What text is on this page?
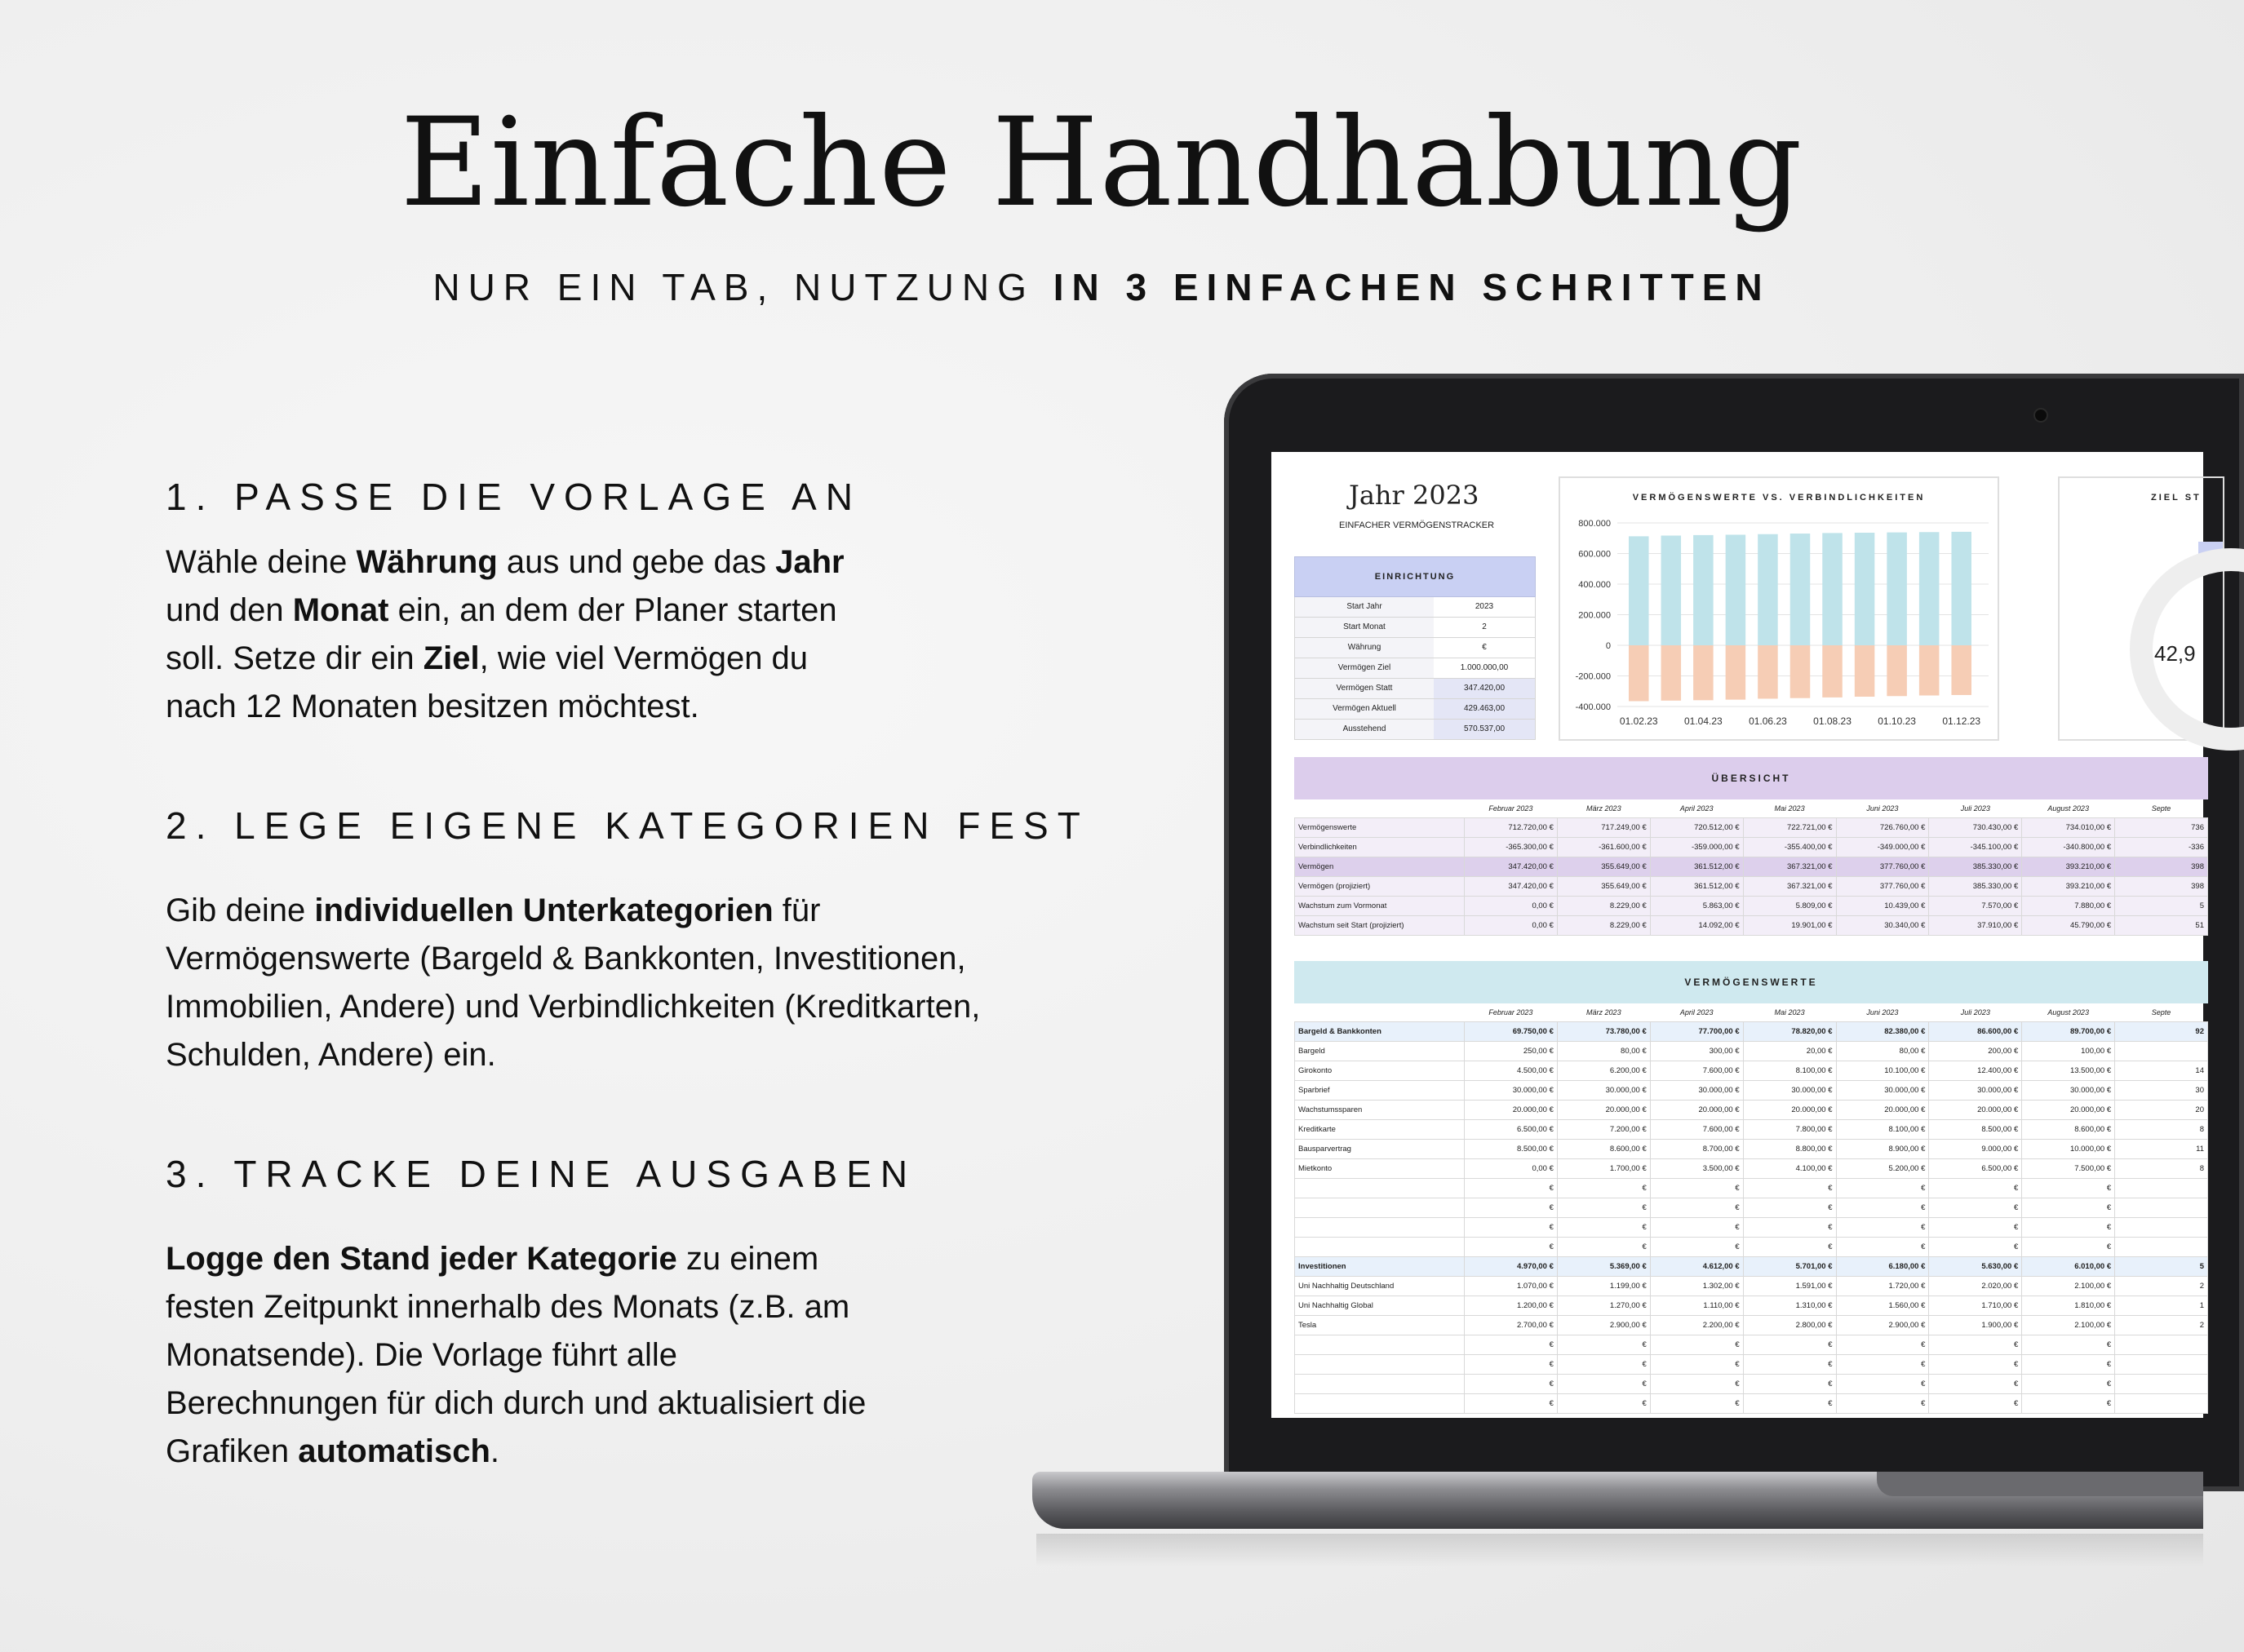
Einfache Handhabung
NUR EIN TAB, NUTZUNG IN 3 EINFACHEN SCHRITTEN
1. PASSE DIE VORLAGE AN
Wähle deine Währung aus und gebe das Jahr und den Monat ein, an dem der Planer starten soll. Setze dir ein Ziel, wie viel Vermögen du nach 12 Monaten besitzen möchtest.
2. LEGE EIGENE KATEGORIEN FEST
Gib deine individuellen Unterkategorien für Vermögenswerte (Bargeld & Bankkonten, Investitionen, Immobilien, Andere) und Verbindlichkeiten (Kreditkarten, Schulden, Andere) ein.
3. TRACKE DEINE AUSGABEN
Logge den Stand jeder Kategorie zu einem festen Zeitpunkt innerhalb des Monats (z.B. am Monatsende). Die Vorlage führt alle Berechnungen für dich durch und aktualisiert die Grafiken automatisch.
Jahr 2023
EINFACHER VERMÖGENSTRACKER
EINRICHTUNG
Start Jahr	2023
Start Monat	2
Währung	€
Vermögen Ziel	1.000.000,00
Vermögen Statt	347.420,00
Vermögen Aktuell	429.463,00
Ausstehend	570.537,00
VERMÖGENSWERTE VS. VERBINDLICHKEITEN
800.000
600.000
400.000
200.000
0
-200.000
-400.000
01.02.23	01.04.23	01.06.23	01.08.23	01.10.23	01.12.23
ZIEL ST
42,9
ÜBERSICHT
	Februar 2023	März 2023	April 2023	Mai 2023	Juni 2023	Juli 2023	August 2023	Septe
Vermögenswerte	712.720,00 €	717.249,00 €	720.512,00 €	722.721,00 €	726.760,00 €	730.430,00 €	734.010,00 €	736
Verbindlichkeiten	-365.300,00 €	-361.600,00 €	-359.000,00 €	-355.400,00 €	-349.000,00 €	-345.100,00 €	-340.800,00 €	-336
Vermögen	347.420,00 €	355.649,00 €	361.512,00 €	367.321,00 €	377.760,00 €	385.330,00 €	393.210,00 €	398
Vermögen (projiziert)	347.420,00 €	355.649,00 €	361.512,00 €	367.321,00 €	377.760,00 €	385.330,00 €	393.210,00 €	398
Wachstum zum Vormonat	0,00 €	8.229,00 €	5.863,00 €	5.809,00 €	10.439,00 €	7.570,00 €	7.880,00 €	5
Wachstum seit Start (projiziert)	0,00 €	8.229,00 €	14.092,00 €	19.901,00 €	30.340,00 €	37.910,00 €	45.790,00 €	51
VERMÖGENSWERTE
	Februar 2023	März 2023	April 2023	Mai 2023	Juni 2023	Juli 2023	August 2023	Septe
Bargeld & Bankkonten	69.750,00 €	73.780,00 €	77.700,00 €	78.820,00 €	82.380,00 €	86.600,00 €	89.700,00 €	92
Bargeld	250,00 €	80,00 €	300,00 €	20,00 €	80,00 €	200,00 €	100,00 €	
Girokonto	4.500,00 €	6.200,00 €	7.600,00 €	8.100,00 €	10.100,00 €	12.400,00 €	13.500,00 €	14
Sparbrief	30.000,00 €	30.000,00 €	30.000,00 €	30.000,00 €	30.000,00 €	30.000,00 €	30.000,00 €	30
Wachstumssparen	20.000,00 €	20.000,00 €	20.000,00 €	20.000,00 €	20.000,00 €	20.000,00 €	20.000,00 €	20
Kreditkarte	6.500,00 €	7.200,00 €	7.600,00 €	7.800,00 €	8.100,00 €	8.500,00 €	8.600,00 €	8
Bausparvertrag	8.500,00 €	8.600,00 €	8.700,00 €	8.800,00 €	8.900,00 €	9.000,00 €	10.000,00 €	11
Mietkonto	0,00 €	1.700,00 €	3.500,00 €	4.100,00 €	5.200,00 €	6.500,00 €	7.500,00 €	8
	€	€	€	€	€	€	€	
	€	€	€	€	€	€	€	
	€	€	€	€	€	€	€	
	€	€	€	€	€	€	€	
Investitionen	4.970,00 €	5.369,00 €	4.612,00 €	5.701,00 €	6.180,00 €	5.630,00 €	6.010,00 €	5
Uni Nachhaltig Deutschland	1.070,00 €	1.199,00 €	1.302,00 €	1.591,00 €	1.720,00 €	2.020,00 €	2.100,00 €	2
Uni Nachhaltig Global	1.200,00 €	1.270,00 €	1.110,00 €	1.310,00 €	1.560,00 €	1.710,00 €	1.810,00 €	1
Tesla	2.700,00 €	2.900,00 €	2.200,00 €	2.800,00 €	2.900,00 €	1.900,00 €	2.100,00 €	2
	€	€	€	€	€	€	€	
	€	€	€	€	€	€	€	
	€	€	€	€	€	€	€	
	€	€	€	€	€	€	€	
